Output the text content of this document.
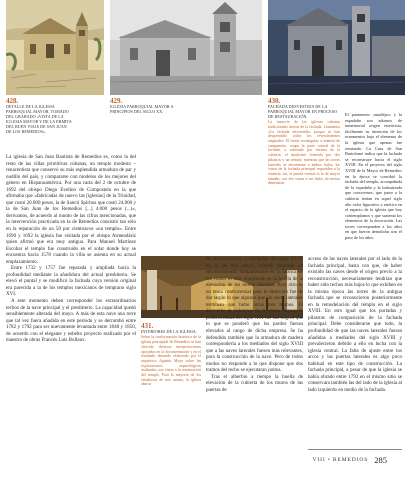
428.
DETALLE DE LA IGLESIA PARROQUIAL MAYOR, TOMADO DEL GRABADO «VISTA DE LA IGLESIA MAYOR Y DE LA ERMITA DEL BUEN VIAJE DE SAN JUAN DE LOS REMEDIOS».
429.
IGLESIA PARROQUIAL MAYOR A PRINCIPIOS DEL SIGLO XX.
430.
FACHADA DESVESTIDA DE LA PARROQUIAL MAYOR EN PROCESO DE RESTAURACIÓN.
La mayoría de las iglesias cubanas tradicionales fueron de la fachada. Llamamos «La fachada desvestida» porque se han desprendido todos los revestimientos originales. El frente rectangular, a manera de campanario, ocupa la parte central de la fachada, y sobresale por encima de la cubierta, el imafronte formado por dos pilastras y un remate, mientras que las torres laterales se encuentran a ambos lados; los vanos de la fachada principal responden a la simetría, así, la puerta central es la de mayor tamaño, con dos vanos a sus lados, de menor dimensión.
431.
INTERIORES DE LA IGLESIA.
Sobre la conformación histórica de la iglesia parroquial de Remedios se han ofrecido diversas interpretaciones apoyadas en la documentación y en el resultado obtenido elaborado por el arquitecto Agustín Moya sobre las exploraciones arqueológicas realizadas con vistas a la restauración del templo. Para la mayoría de los estudiosos de este asunto, la iglesia abarca

La iglesia de San Juan Bautista de Remedios es, como la del resto de las villas primitivas cubanas, un templo modesto –renacentista que conservó su más esplendida armadura de par y nudillo del país, y compararse con modelos de los mejores del género en Hispanoamérica. Por una carta del 2 de octubre de 1692 del obispo Diego Evelino de Compostela en la que afirmaba que «fabricadas de nuevo las [iglesias] de la Trinidad, que costó 20.000 pesos, la de Sancti Spíritus que costó 24.000 y la de San Juan de los Remedios [...] 4.000 pesos (...)», derivamos, de acuerdo al monto de las cifras mencionadas, que la intervención practicada en la de Remedios consistió tan sólo en la reparación de un 50 por cientoavos «un templo». Entre 1690 y 1692 la iglesia fue visitada por el obispo Armendáriz quien afirmó que era muy antigua. Para Manuel Martínez Escobar el templo fue construido en el solar donde hoy se encuentra hacia 1578 cuando la villa se asienta en su actual emplazamiento.

Entre 1732 y 1757 fue reparada y ampliada hacia la profundidad mediante la añadidura del actual presbiterio. Se elevó el puntal y se modificó la fachada cuya versión original era parecida a la de los templos mexicanos de temprano siglo XVI.

A este momento deben corresponder los extraordinarios techos de la nave principal y el presbiterio. La capacidad quedó sensiblemente alterada del mayo. A más de esta nave una torre que tal vez fuera añadida en este período y se derrumbó entre 1782 y 1792 para ser nuevamente levantada entre 1848 y 1850, de acuerdo con el elegante y esbelto proyecto realizado por el maestro de obras Francés Luis Bollaux.

El paramento «mudéjar» y la espadaña son adornos de inmemorial origen esteticista, fácilmente su intención de los ornamentos bajo el elemento de la iglesia que apenas fue rematado. La Casa de San Bartolomé indica que la fachada se reconstruye hacia el siglo XVIII. En el proyecto del siglo XVIII de la Mayor de Remedios en la época se concibió la fachada del templo, acompañada de la espadaña y la balaustrada que conocemos, que junto a la cubierta tenían en aquel siglo alto valor figurativo y estético en el espacio de la iglesia que hoy contemplamos y que sustenta los elementos de la decoración. Las torres corresponden a los años en que fueron demolidas tras el paso de los años.

de reconstrucción a mediados del siglo XVIII en la de tres naves, criterio asumido en reconocimiento fundamentales en la fábrica de los cuales el más importante es la huella de la elevación de los muros laterales. Para otro es un tema controversial para la dirección fue de dar según lo que algunos que las naves laterales terminan que hubo arcos tres tramos. El derrumbe de columnas de la iglesia durante la primera mitad del siglo XIX fue tan trágico que lo que se ponderó que los pardos fueran elevados al rango de dicha empresa. Se ha defendido también que la armadura de madera correspondería a los mediados del siglo XVIII que a las naves laterales fuesen más relevantes, para la construcción de la nave. Pero de todos modos no responde a lo que dispone que dos tramos del techo se ejecutaran juntos.

Tras el alberbio a tiempo la huella de elevación de la cubierta de los muros de las puertas de

acceso de las naves laterales por el lado de la fachada principal, basta con que, de haber existido las naves desde el origen previo a la reconstrucción, necesariamente tendrían que haber sido techos más bajos lo que exhiben en la misma época las torres de la antigua fachada que se reconocieron posteriormente en la remodelación del templo en el siglo XVIII. En otro igual que los portadas y pilastras de composición de la fachada principal. Debe considerarse que todo, la profundidad de que las naves laterales fueran añadidas a mediados del siglo XVIII y prevalecieron debido a ello en lucha con la iglesia central. La falta de ajuste entre los arcos y las puertas laterales es algo poco habitual en este tipo de construcción. La fachada principal, a pesar de que la iglesia se había obrado entre 1792 en el mismo sitio se conservara también las del lado de la iglesia al lado izquierdo en medio de la fachada.

VIII • REMEDIOS 285
